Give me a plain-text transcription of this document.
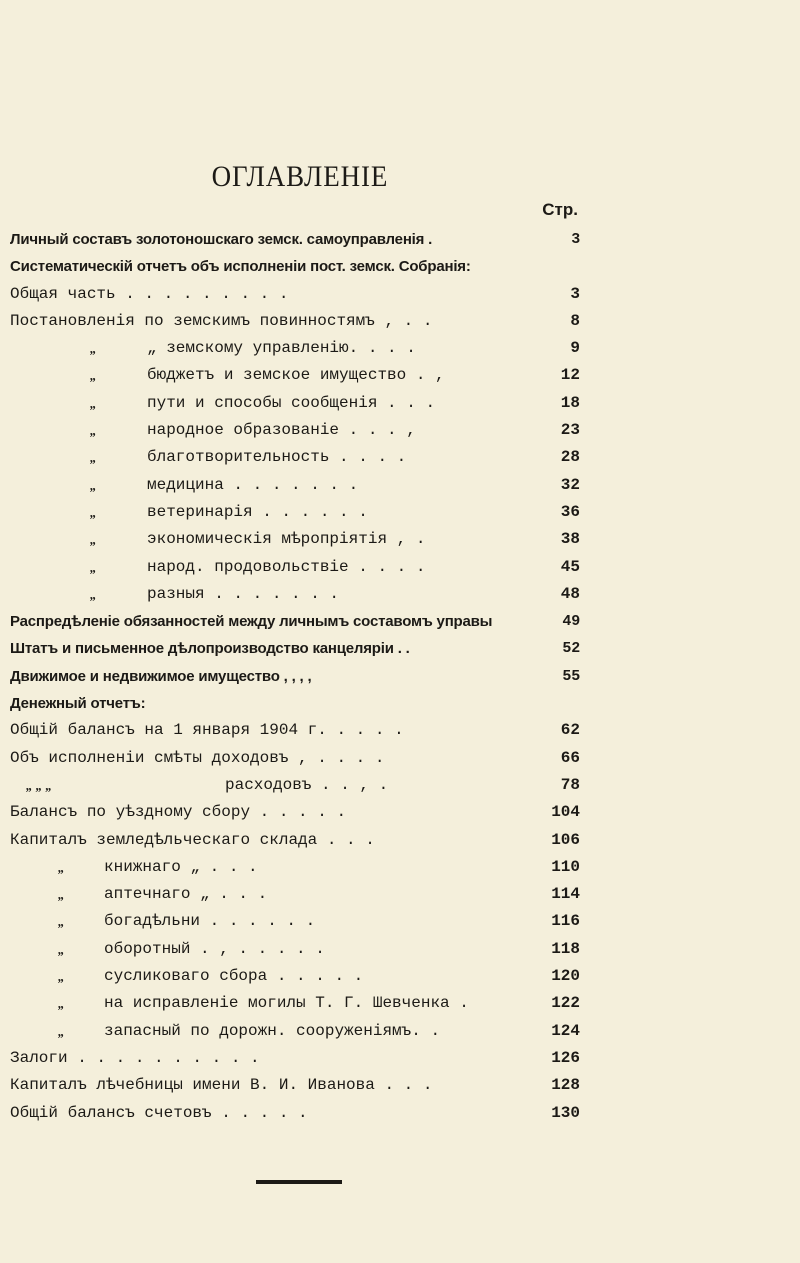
ОГЛАВЛЕНIЕ
Стр.
Личный составъ золотоношскаго земск. самоуправленія .	3
Систематическій отчетъ объ исполненіи пост. земск. Собранія:
Общая часть . . . . . . . . .	3
Постановленія по земскимъ повинностямъ , . .	8
„	„ земскому управленію. . . .	9
„	бюджетъ и земское имущество . ,	12
„	пути и способы сообщенія . . .	18
„	народное образованіе . . . ,	23
„	благотворительность . . . .	28
„	медицина . . . . . . .	32
„	ветеринарія . . . . . .	36
„	экономическія мѣропріятія , .	38
„	народ. продовольствіе . . . .	45
„	разныя . . . . . . .	48
Распредѣленіе обязанностей между личнымъ составомъ управы	49
Штатъ и письменное дѣлопроизводство канцеляріи . .	52
Движимое и недвижимое имущество , , , ,	55
Денежный отчетъ:
Общій балансъ на 1 января 1904 г. . . . .	62
Объ исполненіи смѣты доходовъ , . . . .	66
„ „ „	расходовъ . . , .	78
Балансъ по уѣздному сбору . . . . .	104
Капиталъ земледѣльческаго склада . . .	106
„ книжнаго „ . . .	110
„ аптечнаго „ . . .	114
„ богадѣльни . . . . . .	116
„ оборотный . , . . . . .	118
„ сусликоваго сбора . . . . .	120
„ на исправленіе могилы Т. Г. Шевченка .	122
„ запасный по дорожн. сооруженіямъ. .	124
Залоги . . . . . . . . . .	126
Капиталъ лѣчебницы имени В. И. Иванова . . .	128
Общій балансъ счетовъ . . . . .	130
